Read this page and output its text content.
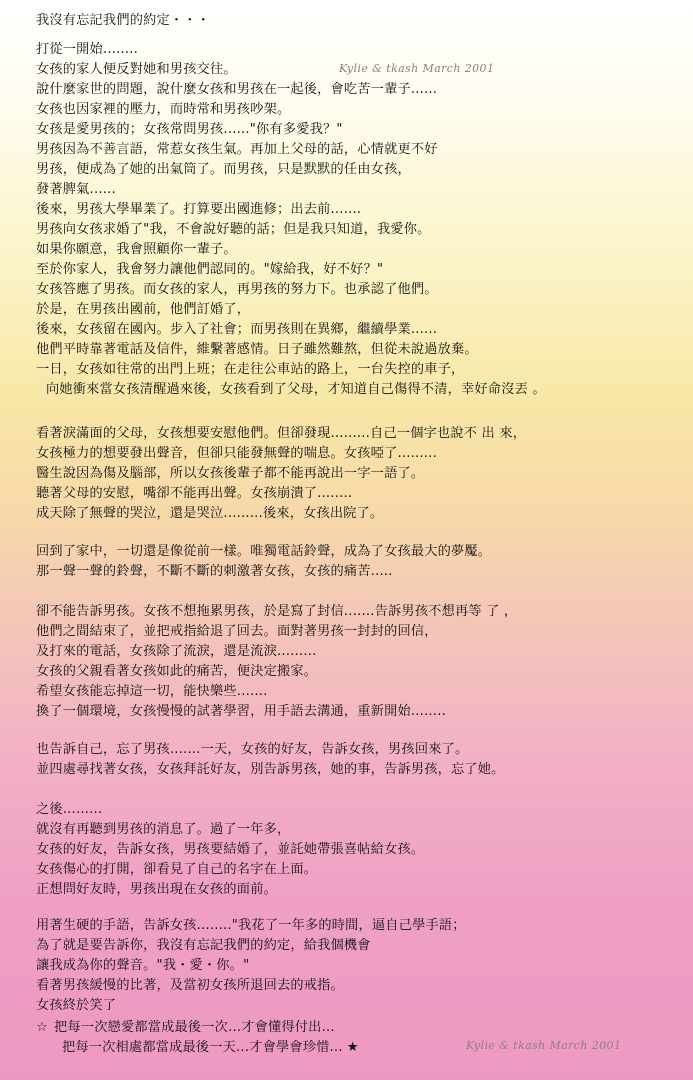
Kylie & tkash March 2001
我沒有忘記我們的約定・・・
打從一開始........
女孩的家人便反對她和男孩交往。
說什麼家世的問題，說什麼女孩和男孩在一起後，會吃苦一輩子......
女孩也因家裡的壓力，而時常和男孩吵架。
女孩是愛男孩的；女孩常問男孩......"你有多愛我？"
男孩因為不善言語，常惹女孩生氣。再加上父母的話，心情就更不好
男孩，便成為了她的出氣筒了。而男孩，只是默默的任由女孩，
發著脾氣......
後來，男孩大學畢業了。打算要出國進修；出去前.......
男孩向女孩求婚了"我，不會說好聽的話；但是我只知道，我愛你。
如果你願意，我會照顧你一輩子。
至於你家人，我會努力讓他們認同的。"嫁給我，好不好？"
女孩答應了男孩。而女孩的家人，再男孩的努力下。也承認了他們。
於是，在男孩出國前，他們訂婚了，
後來，女孩留在國內。步入了社會；而男孩則在異鄉，繼續學業......
他們平時靠著電話及信件，維繫著感情。日子雖然難熬，但從未說過放棄。
一日，女孩如往常的出門上班；在走往公車站的路上，一台失控的車子，
向她衝來當女孩清醒過來後，女孩看到了父母，才知道自己傷得不清，幸好命沒丟 。
看著淚滿面的父母，女孩想要安慰他們。但卻發現.........自己一個字也說不 出 來，
女孩極力的想要發出聲音，但卻只能發無聲的喘息。女孩啞了.........
醫生說因為傷及腦部，所以女孩後輩子都不能再說出一字一語了。
聽著父母的安慰，嘴卻不能再出聲。女孩崩潰了........
成天除了無聲的哭泣，還是哭泣.........後來，女孩出院了。
回到了家中，一切還是像從前一樣。唯獨電話鈴聲，成為了女孩最大的夢魘。
那一聲一聲的鈴聲，不斷不斷的刺激著女孩，女孩的痛苦.....
卻不能告訴男孩。女孩不想拖累男孩，於是寫了封信.......告訴男孩不想再等 了 ，
他們之間結束了，並把戒指給退了回去。面對著男孩一封封的回信，
及打來的電話，女孩除了流淚，還是流淚.........
女孩的父親看著女孩如此的痛苦，便決定搬家。
希望女孩能忘掉這一切，能快樂些.......
換了一個環境，女孩慢慢的試著學習，用手語去溝通，重新開始........
也告訴自己，忘了男孩.......一天，女孩的好友，告訴女孩，男孩回來了。
並四處尋找著女孩，女孩拜託好友，別告訴男孩，她的事，告訴男孩，忘了她。
之後.........
就沒有再聽到男孩的消息了。過了一年多，
女孩的好友，告訴女孩，男孩要結婚了，並託她帶張喜帖給女孩。
女孩傷心的打開，卻看見了自己的名字在上面。
正想問好友時，男孩出現在女孩的面前。
用著生硬的手語，告訴女孩........"我花了一年多的時間，逼自己學手語；
為了就是要告訴你，我沒有忘記我們的約定，給我個機會
讓我成為你的聲音。"我・愛・你。"
看著男孩緩慢的比著，及當初女孩所退回去的戒指。
女孩終於笑了
☆ 把每一次戀愛都當成最後一次...才會懂得付出...
把每一次相處都當成最後一天...才會學會珍惜... ★	Kylie & tkash March 2001
